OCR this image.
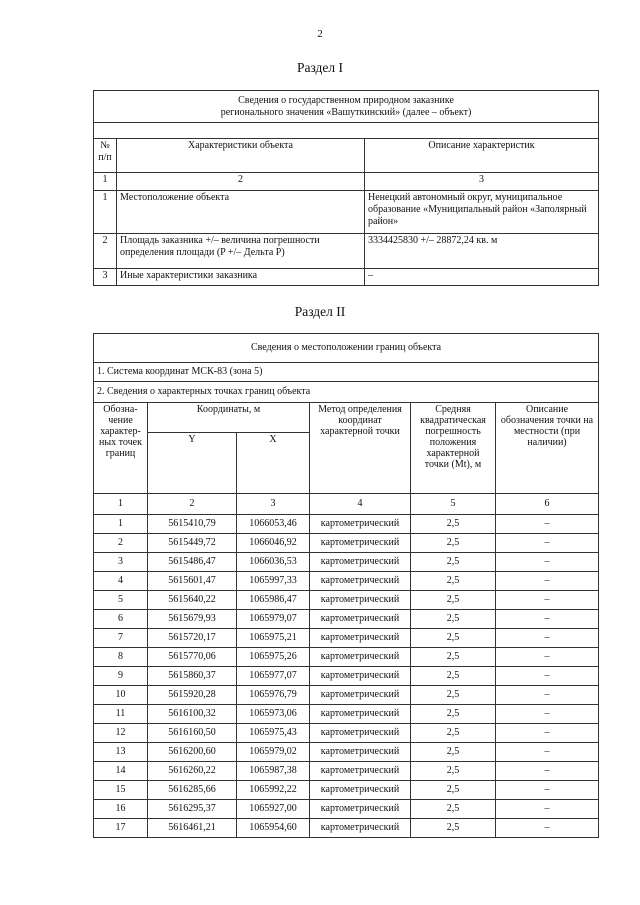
2
Раздел I
Сведения о государственном природном заказнике
регионального значения «Вашуткинский» (далее – объект)		

№ п/п	Характеристики объекта	Описание характеристик
1	2	3
1	Местоположение объекта	Ненецкий автономный округ, муниципальное образование «Муниципальный район «Заполярный район»
2	Площадь заказника +/– величина погрешности определения площади (P +/– Дельта P)	3334425830 +/– 28872,24 кв. м
3	Иные характеристики заказника	–
Раздел II
Сведения о местоположении границ объекта					
1. Система координат МСК-83 (зона 5)					
2. Сведения о характерных точках границ объекта					
Обозна-чение характер-ных точек границ	Координаты, м		Метод определения координат характерной точки	Средняя квадратическая погрешность положения характерной точки (Mt), м	Описание обозначения точки на местности (при наличии)
	Y	X			
1	2	3	4	5	6
1	5615410,79	1066053,46	картометрический	2,5	–
2	5615449,72	1066046,92	картометрический	2,5	–
3	5615486,47	1066036,53	картометрический	2,5	–
4	5615601,47	1065997,33	картометрический	2,5	–
5	5615640,22	1065986,47	картометрический	2,5	–
6	5615679,93	1065979,07	картометрический	2,5	–
7	5615720,17	1065975,21	картометрический	2,5	–
8	5615770,06	1065975,26	картометрический	2,5	–
9	5615860,37	1065977,07	картометрический	2,5	–
10	5615920,28	1065976,79	картометрический	2,5	–
11	5616100,32	1065973,06	картометрический	2,5	–
12	5616160,50	1065975,43	картометрический	2,5	–
13	5616200,60	1065979,02	картометрический	2,5	–
14	5616260,22	1065987,38	картометрический	2,5	–
15	5616285,66	1065992,22	картометрический	2,5	–
16	5616295,37	1065927,00	картометрический	2,5	–
17	5616461,21	1065954,60	картометрический	2,5	–
